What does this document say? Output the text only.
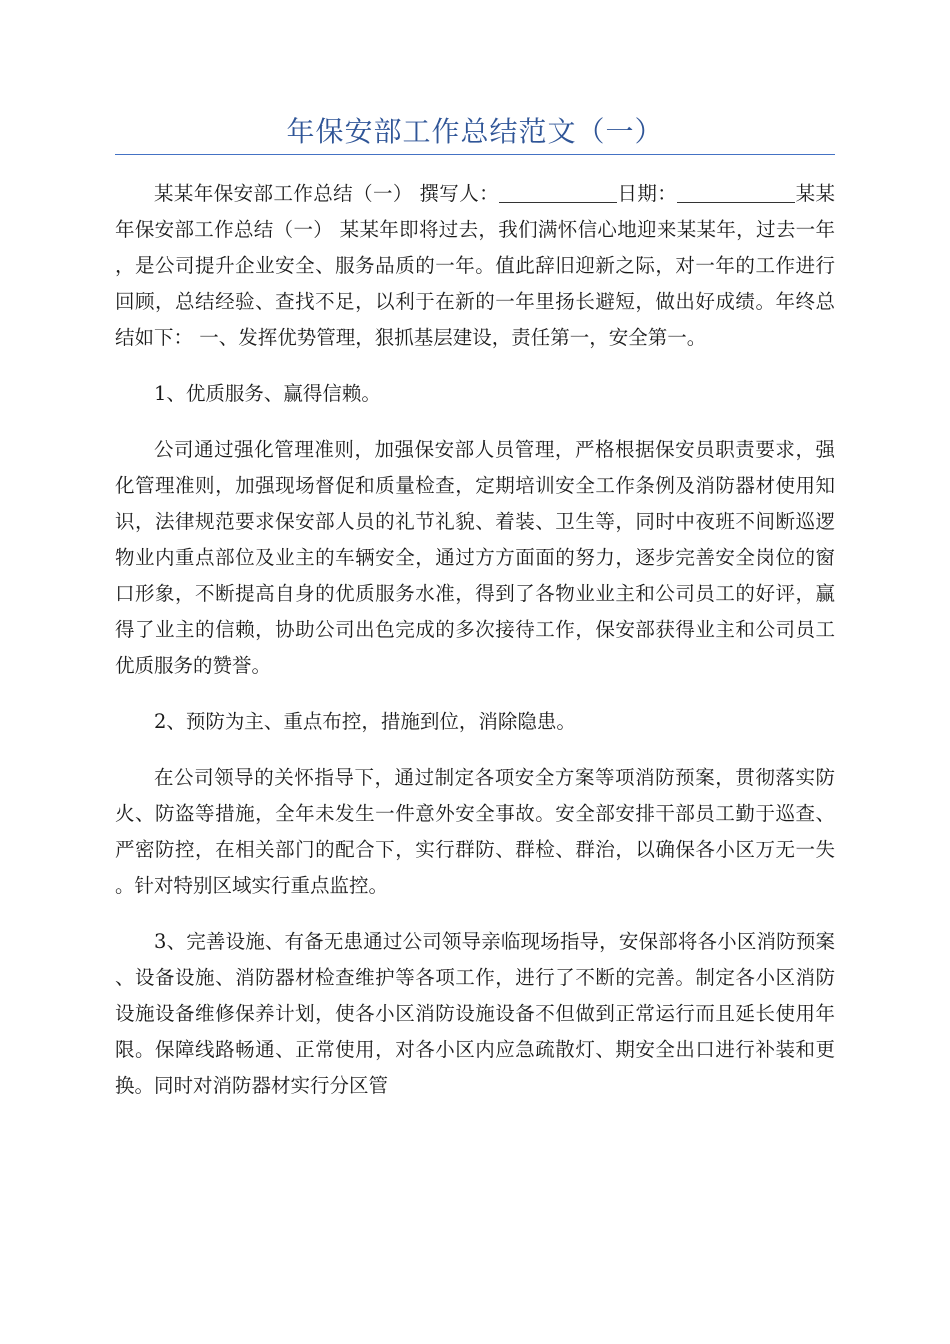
年保安部工作总结范文（一）

某某年保安部工作总结（一） 撰写人：	日期：	某某年保安部工作总结（一） 某某年即将过去，我们满怀信心地迎来某某年，过去一年，是公司提升企业安全、服务品质的一年。值此辞旧迎新之际，对一年的工作进行回顾，总结经验、查找不足，以利于在新的一年里扬长避短，做出好成绩。年终总结如下： 一、发挥优势管理，狠抓基层建设，责任第一，安全第一。

1、优质服务、赢得信赖。

公司通过强化管理准则，加强保安部人员管理，严格根据保安员职责要求，强化管理准则，加强现场督促和质量检查，定期培训安全工作条例及消防器材使用知识，法律规范要求保安部人员的礼节礼貌、着装、卫生等，同时中夜班不间断巡逻物业内重点部位及业主的车辆安全，通过方方面面的努力，逐步完善安全岗位的窗口形象，不断提高自身的优质服务水准，得到了各物业业主和公司员工的好评，赢得了业主的信赖，协助公司出色完成的多次接待工作，保安部获得业主和公司员工优质服务的赞誉。

2、预防为主、重点布控，措施到位，消除隐患。

在公司领导的关怀指导下，通过制定各项安全方案等项消防预案，贯彻落实防火、防盗等措施，全年未发生一件意外安全事故。安全部安排干部员工勤于巡查、严密防控，在相关部门的配合下，实行群防、群检、群治，以确保各小区万无一失。针对特别区域实行重点监控。

3、完善设施、有备无患通过公司领导亲临现场指导，安保部将各小区消防预案、设备设施、消防器材检查维护等各项工作，进行了不断的完善。制定各小区消防设施设备维修保养计划，使各小区消防设施设备不但做到正常运行而且延长使用年限。保障线路畅通、正常使用，对各小区内应急疏散灯、期安全出口进行补装和更换。同时对消防器材实行分区管
